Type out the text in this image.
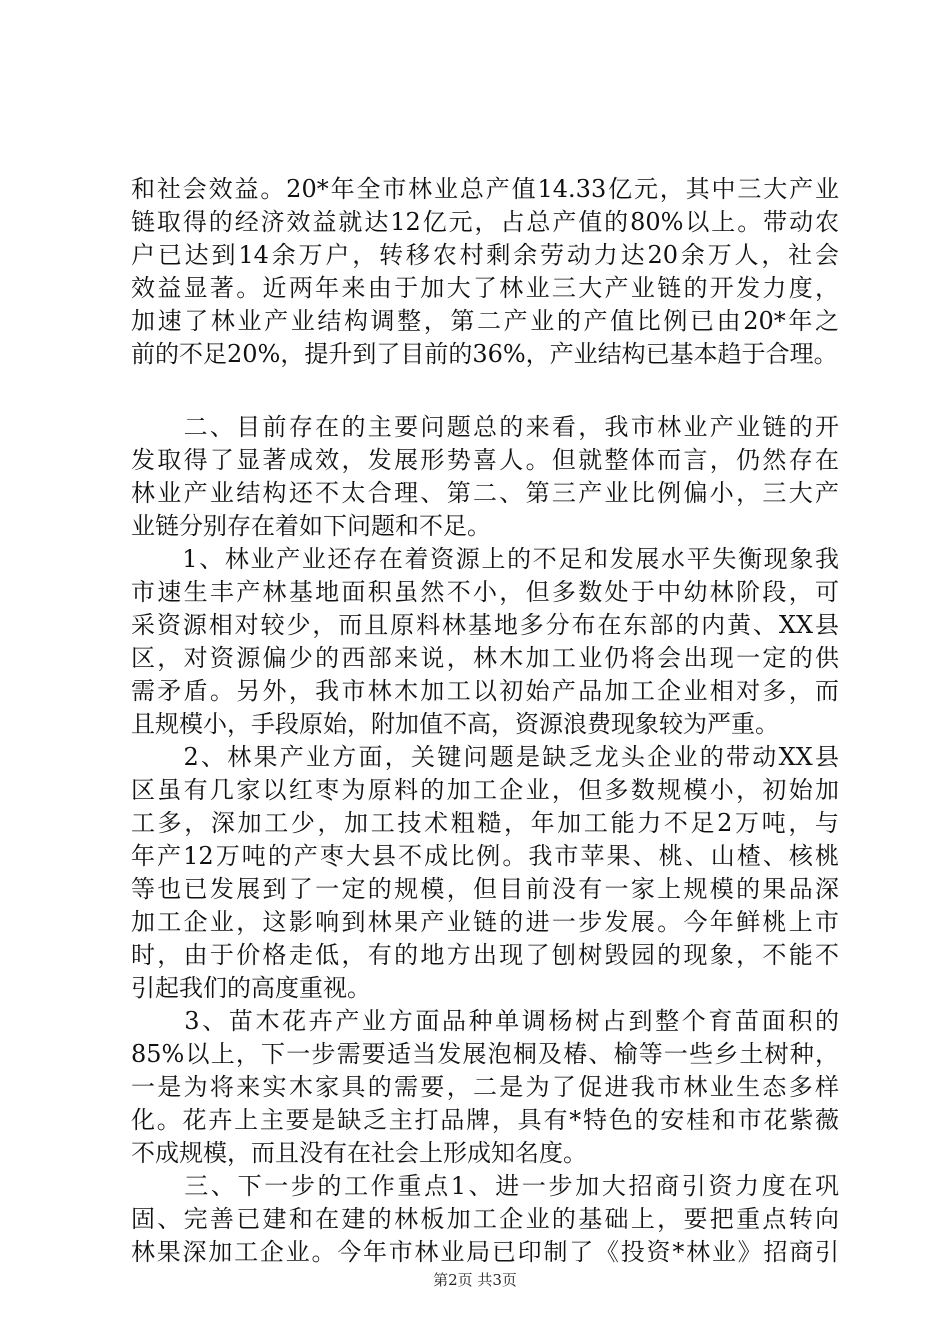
和社会效益。20*年全市林业总产值14.33亿元，其中三大产业
链取得的经济效益就达12亿元，占总产值的80%以上。带动农
户已达到14余万户，转移农村剩余劳动力达20余万人，社会
效益显著。近两年来由于加大了林业三大产业链的开发力度，
加速了林业产业结构调整，第二产业的产值比例已由20*年之
前的不足20%，提升到了目前的36%，产业结构已基本趋于合理。
　　二、目前存在的主要问题总的来看，我市林业产业链的开
发取得了显著成效，发展形势喜人。但就整体而言，仍然存在
林业产业结构还不太合理、第二、第三产业比例偏小，三大产
业链分别存在着如下问题和不足。
　　1、林业产业还存在着资源上的不足和发展水平失衡现象我
市速生丰产林基地面积虽然不小，但多数处于中幼林阶段，可
采资源相对较少，而且原料林基地多分布在东部的内黄、XX县
区，对资源偏少的西部来说，林木加工业仍将会出现一定的供
需矛盾。另外，我市林木加工以初始产品加工企业相对多，而
且规模小，手段原始，附加值不高，资源浪费现象较为严重。
　　2、林果产业方面，关键问题是缺乏龙头企业的带动XX县
区虽有几家以红枣为原料的加工企业，但多数规模小，初始加
工多，深加工少，加工技术粗糙，年加工能力不足2万吨，与
年产12万吨的产枣大县不成比例。我市苹果、桃、山楂、核桃
等也已发展到了一定的规模，但目前没有一家上规模的果品深
加工企业，这影响到林果产业链的进一步发展。今年鲜桃上市
时，由于价格走低，有的地方出现了刨树毁园的现象，不能不
引起我们的高度重视。
　　3、苗木花卉产业方面品种单调杨树占到整个育苗面积的
85%以上，下一步需要适当发展泡桐及椿、榆等一些乡土树种，
一是为将来实木家具的需要，二是为了促进我市林业生态多样
化。花卉上主要是缺乏主打品牌，具有*特色的安桂和市花紫薇
不成规模，而且没有在社会上形成知名度。
　　三、下一步的工作重点1、进一步加大招商引资力度在巩
固、完善已建和在建的林板加工企业的基础上，要把重点转向
林果深加工企业。今年市林业局已印制了《投资*林业》招商引
第2页 共3页
